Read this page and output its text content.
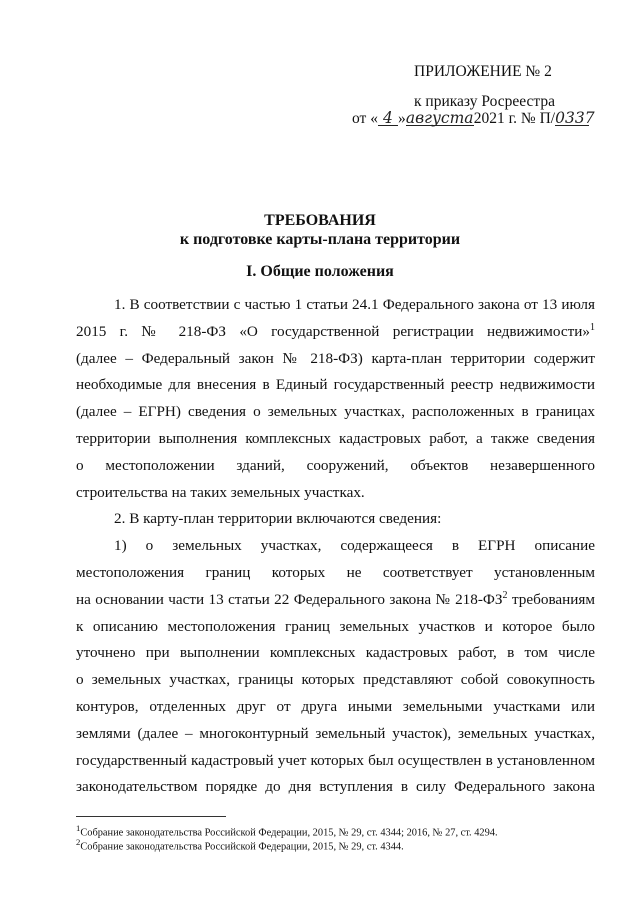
ПРИЛОЖЕНИЕ № 2
к приказу Росреестра
от « 4 »августа2021 г. № П/0337
ТРЕБОВАНИЯ
к подготовке карты-плана территории
I. Общие положения

1. В соответствии с частью 1 статьи 24.1 Федерального закона от 13 июля

2015 г. № 218-ФЗ «О государственной регистрации недвижимости»$^1$

(далее – Федеральный закон № 218-ФЗ) карта-план территории содержит

необходимые для внесения в Единый государственный реестр недвижимости

(далее – ЕГРН) сведения о земельных участках, расположенных в границах

территории выполнения комплексных кадастровых работ, а также сведения

о местоположении зданий, сооружений, объектов незавершенного

строительства на таких земельных участках.

2. В карту-план территории включаются сведения:

1) о земельных участках, содержащееся в ЕГРН описание

местоположения границ которых не соответствует установленным

на основании части 13 статьи 22 Федерального закона № $218-ФЗ^2$ требованиям

к описанию местоположения границ земельных участков и которое было

уточнено при выполнении комплексных кадастровых работ, в том числе

о земельных участках, границы которых представляют собой совокупность

контуров, отделенных друг от друга иными земельными участками или

землями (далее – многоконтурный земельный участок), земельных участках,

государственный кадастровый учет которых был осуществлен в установленном

законодательством порядке до дня вступления в силу Федерального закона

$^1$Собрание законодательства Российской Федерации, 2015, № 29, ст. 4344; 2016, № 27, ст. 4294.
$^2$Собрание законодательства Российской Федерации, 2015, № 29, ст. 4344.
